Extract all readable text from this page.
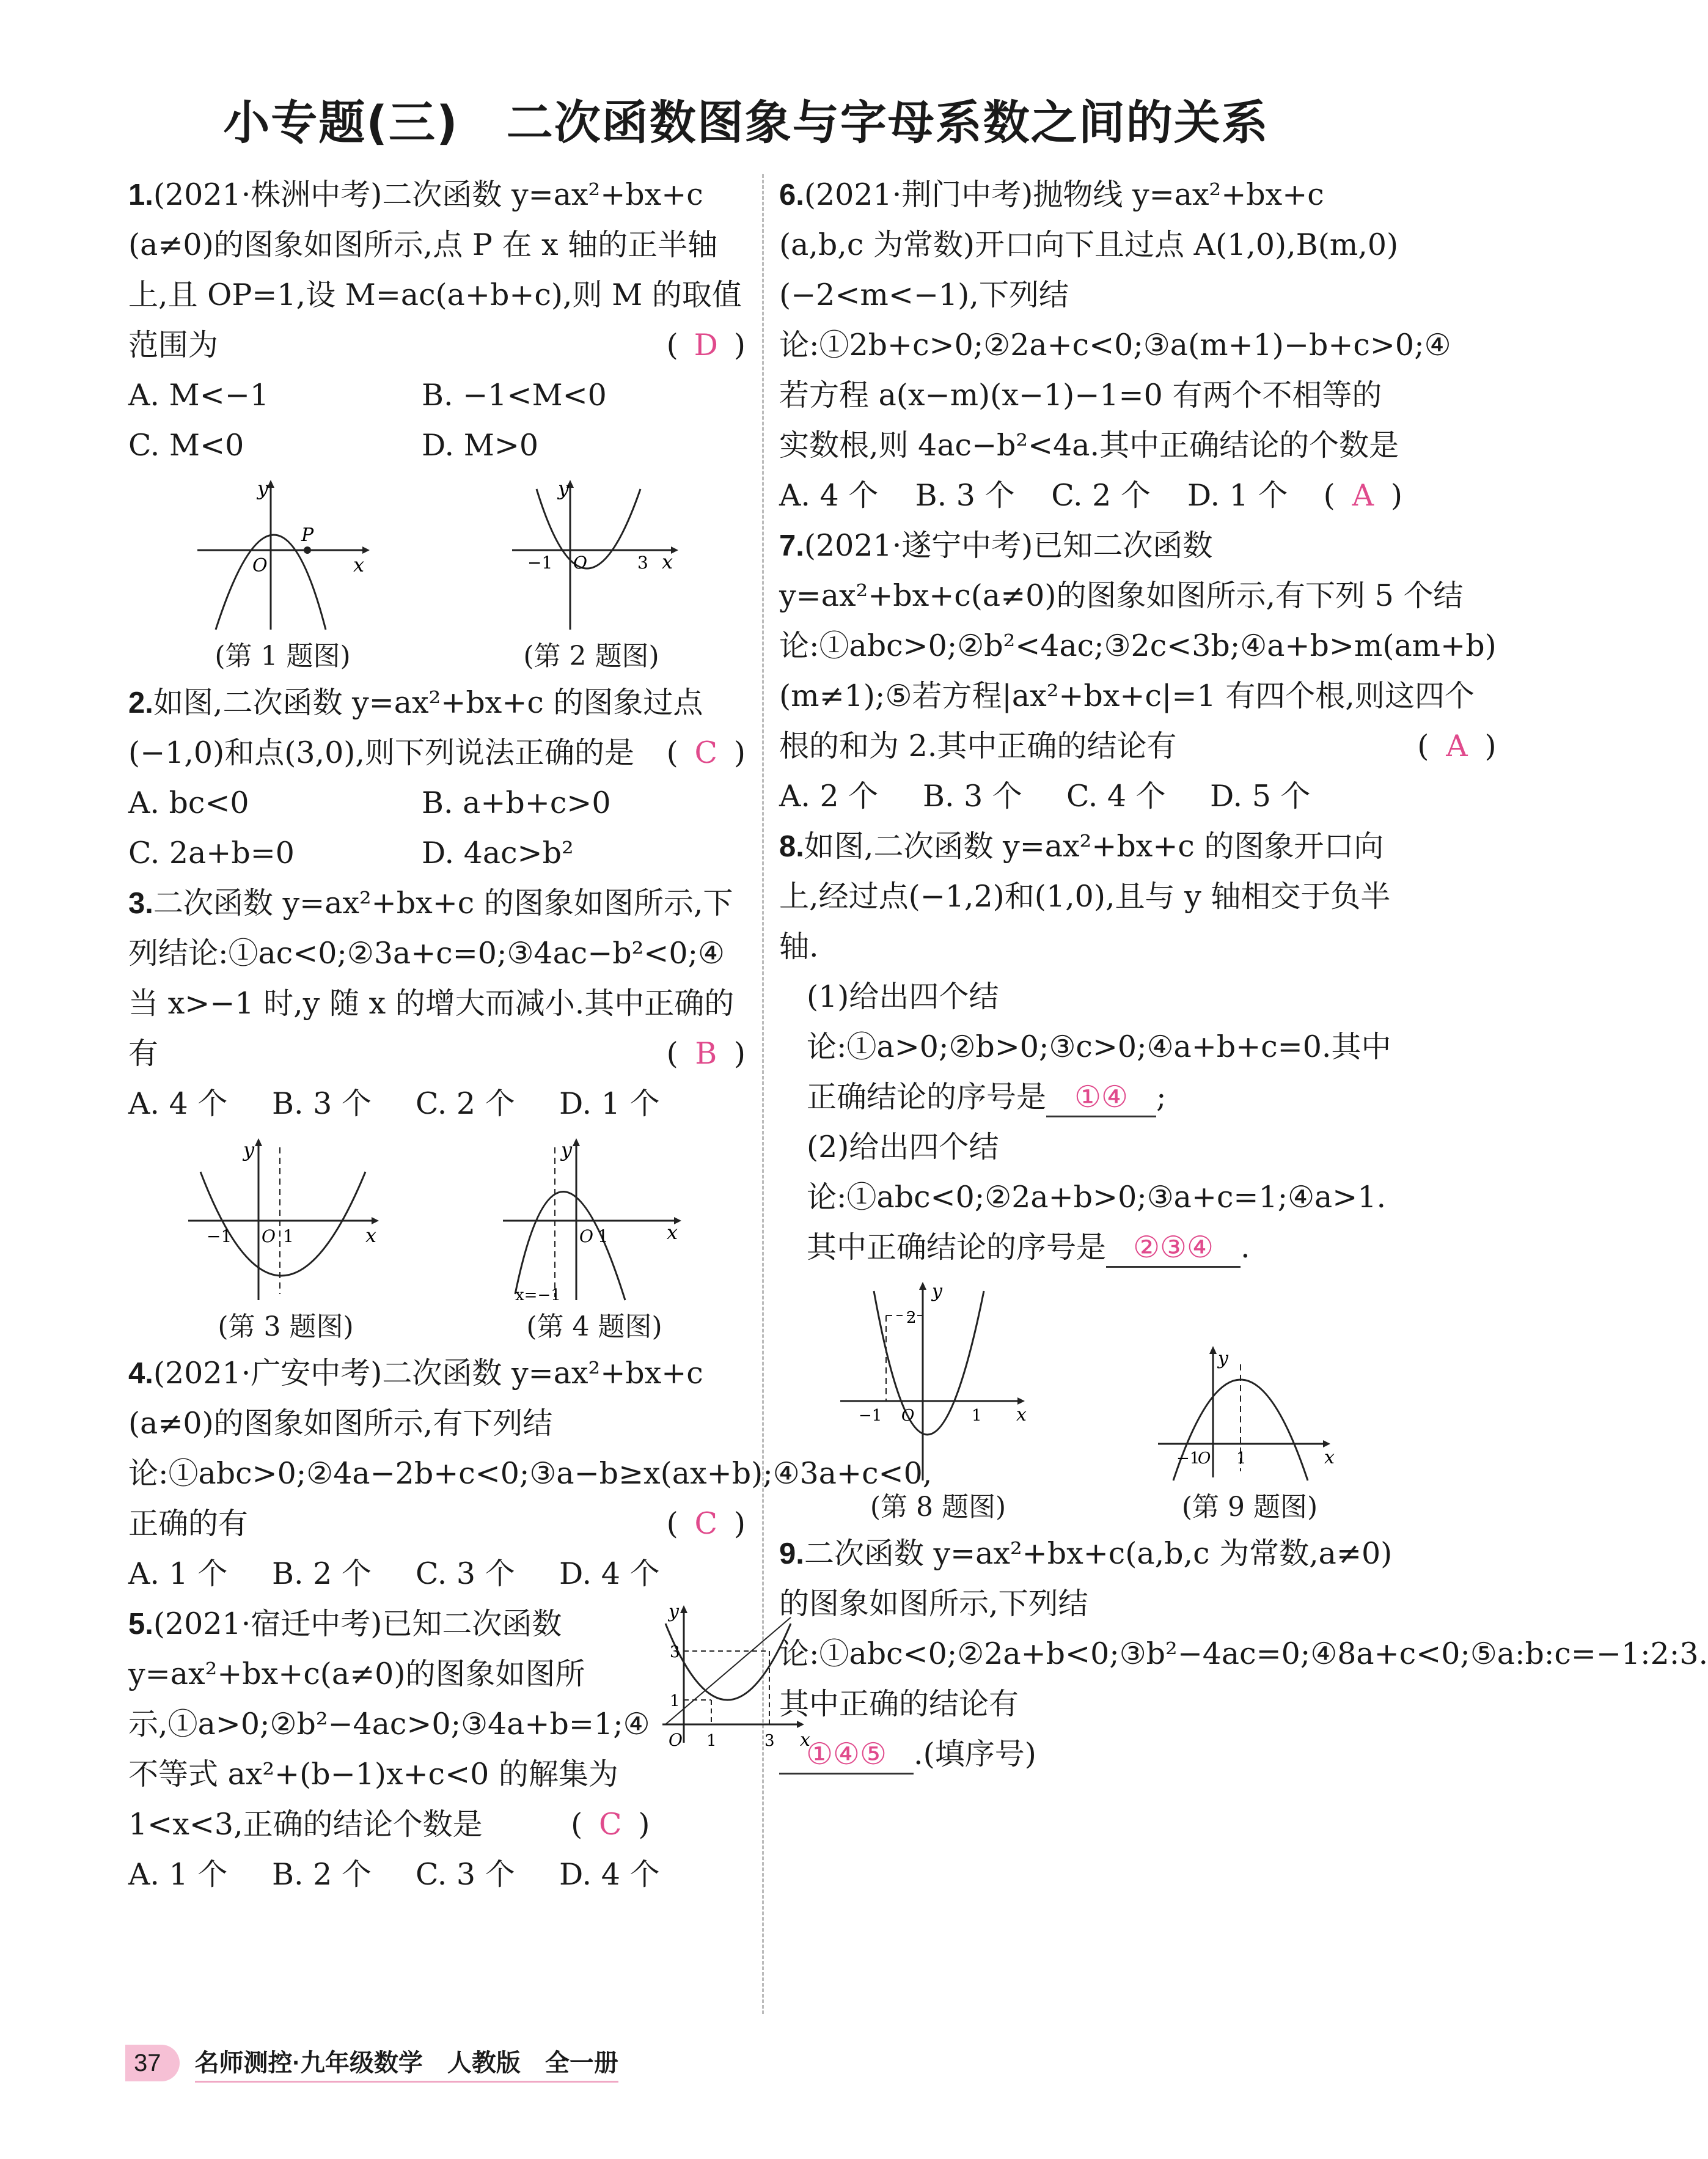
小专题(三)　二次函数图象与字母系数之间的关系

1.(2021·株洲中考)二次函数 y=ax²+bx+c (a≠0)的图象如图所示,点 P 在 x 轴的正半轴上,且 OP=1,设 M=ac(a+b+c),则 M 的取值范围为	( D )

A. M<−1	B. −1<M<0
C. M<0	D. M>0
y
x
O
P
(第 1 题图)
y
x
−1 O	3
(第 2 题图)

2.如图,二次函数 y=ax²+bx+c 的图象过点(−1,0)和点(3,0),则下列说法正确的是 ( C )

A. bc<0	B. a+b+c>0
C. 2a+b=0	D. 4ac>b²

3.二次函数 y=ax²+bx+c 的图象如图所示,下列结论:①ac<0;②3a+c=0;③4ac−b²<0;④当 x>−1 时,y 随 x 的增大而减小.其中正确的有	( B )

A. 4 个	B. 3 个	C. 2 个	D. 1 个
y
x
−1 O 1
(第 3 题图)
y
x
O 1
x=−1
(第 4 题图)

4.(2021·广安中考)二次函数 y=ax²+bx+c (a≠0)的图象如图所示,有下列结论:①abc>0;②4a−2b+c<0;③a−b≥x(ax+b);④3a+c<0,正确的有	( C )

A. 1 个	B. 2 个	C. 3 个	D. 4 个

5.(2021·宿迁中考)已知二次函数 y=ax²+bx+c(a≠0)的图象如图所示,①a>0;②b²−4ac>0;③4a+b=1;④不等式 ax²+(b−1)x+c<0 的解集为 1<x<3,正确的结论个数是	( C )

y
x
O 1	3
1
3
A. 1 个	B. 2 个	C. 3 个	D. 4 个

6.(2021·荆门中考)抛物线 y=ax²+bx+c (a,b,c 为常数)开口向下且过点 A(1,0),B(m,0)(−2<m<−1),下列结论:①2b+c>0;②2a+c<0;③a(m+1)−b+c>0;④若方程 a(x−m)(x−1)−1=0 有两个不相等的实数根,则 4ac−b²<4a.其中正确结论的个数是
( A )

A. 4 个	B. 3 个	C. 2 个	D. 1 个

7.(2021·遂宁中考)已知二次函数 y=ax²+bx+c(a≠0)的图象如图所示,有下列 5 个结论:①abc>0;②b²<4ac;③2c<3b;④a+b>m(am+b)(m≠1);⑤若方程|ax²+bx+c|=1 有四个根,则这四个根的和为 2.其中正确的结论有	( A )

A. 2 个	B. 3 个	C. 4 个	D. 5 个

8.如图,二次函数 y=ax²+bx+c 的图象开口向上,经过点(−1,2)和(1,0),且与 y 轴相交于负半轴.

(1)给出四个结论:①a>0;②b>0;③c>0;④a+b+c=0.其中正确结论的序号是 ①④ ;

(2)给出四个结论:①abc<0;②2a+b>0;③a+c=1;④a>1.其中正确结论的序号是 ②③④ .

y
x
2
−1 O	1
(第 8 题图)
y
x
−1
O 1
(第 9 题图)

9.二次函数 y=ax²+bx+c(a,b,c 为常数,a≠0)的图象如图所示,下列结论:①abc<0;②2a+b<0;③b²−4ac=0;④8a+c<0;⑤a:b:c=−1:2:3.其中正确的结论有

①④⑤ .(填序号)

37	名师测控·九年级数学　人教版　全一册
